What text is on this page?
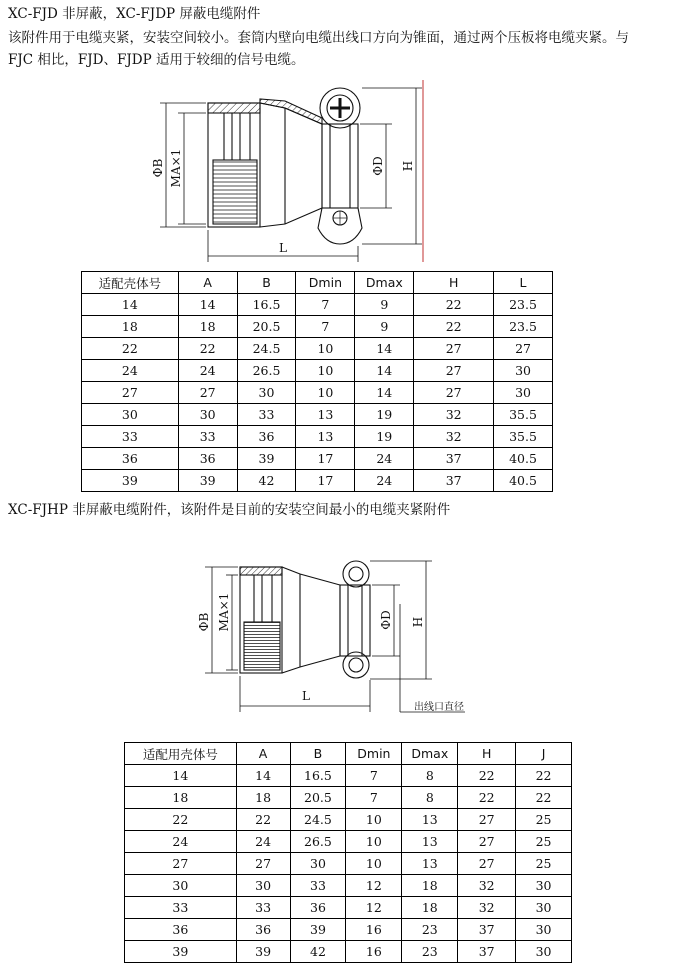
XC-FJD 非屏蔽，XC-FJDP 屏蔽电缆附件
该附件用于电缆夹紧，安装空间较小。套筒内壁向电缆出线口方向为锥面，通过两个压板将电缆夹紧。与
FJC 相比，FJD、FJDP 适用于较细的信号电缆。
ΦB MA×1	ΦD H
L
适配壳体号	A	B	Dmin	Dmax	H	L
14	14	16.5	7	9	22	23.5
18	18	20.5	7	9	22	23.5
22	22	24.5	10	14	27	27
24	24	26.5	10	14	27	30
27	27	30	10	14	27	30
30	30	33	13	19	32	35.5
33	33	36	13	19	32	35.5
36	36	39	17	24	37	40.5
39	39	42	17	24	37	40.5
XC-FJHP 非屏蔽电缆附件，该附件是目前的安装空间最小的电缆夹紧附件
ΦB MA×1	ΦD H
L
出线口直径
适配用壳体号	A	B	Dmin	Dmax	H	J
14	14	16.5	7	8	22	22
18	18	20.5	7	8	22	22
22	22	24.5	10	13	27	25
24	24	26.5	10	13	27	25
27	27	30	10	13	27	25
30	30	33	12	18	32	30
33	33	36	12	18	32	30
36	36	39	16	23	37	30
39	39	42	16	23	37	30
